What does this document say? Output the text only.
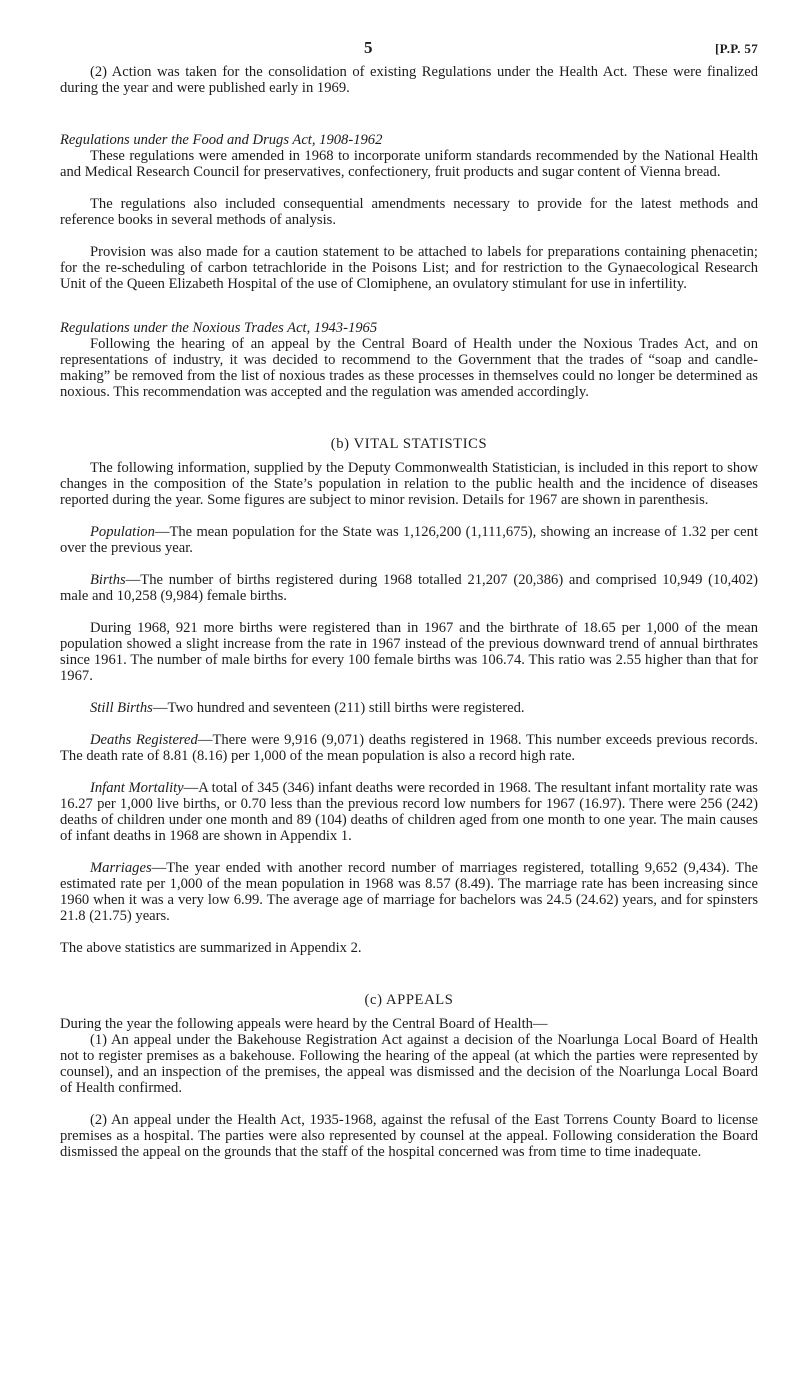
5	[P.P. 57

(2) Action was taken for the consolidation of existing Regulations under the Health Act. These were finalized during the year and were published early in 1969.

Regulations under the Food and Drugs Act, 1908-1962

These regulations were amended in 1968 to incorporate uniform standards recommended by the National Health and Medical Research Council for preservatives, confectionery, fruit products and sugar content of Vienna bread.

The regulations also included consequential amendments necessary to provide for the latest methods and reference books in several methods of analysis.

Provision was also made for a caution statement to be attached to labels for preparations containing phenacetin; for the re-scheduling of carbon tetrachloride in the Poisons List; and for restriction to the Gynaecological Research Unit of the Queen Elizabeth Hospital of the use of Clomiphene, an ovulatory stimulant for use in infertility.

Regulations under the Noxious Trades Act, 1943-1965

Following the hearing of an appeal by the Central Board of Health under the Noxious Trades Act, and on representations of industry, it was decided to recommend to the Government that the trades of “soap and candle-making” be removed from the list of noxious trades as these processes in themselves could no longer be determined as noxious. This recommendation was accepted and the regulation was amended accordingly.

(b) VITAL STATISTICS

The following information, supplied by the Deputy Commonwealth Statistician, is included in this report to show changes in the composition of the State’s population in relation to the public health and the incidence of diseases reported during the year. Some figures are subject to minor revision. Details for 1967 are shown in parenthesis.

Population—The mean population for the State was 1,126,200 (1,111,675), showing an increase of 1.32 per cent over the previous year.

Births—The number of births registered during 1968 totalled 21,207 (20,386) and comprised 10,949 (10,402) male and 10,258 (9,984) female births.

During 1968, 921 more births were registered than in 1967 and the birthrate of 18.65 per 1,000 of the mean population showed a slight increase from the rate in 1967 instead of the previous downward trend of annual birthrates since 1961. The number of male births for every 100 female births was 106.74. This ratio was 2.55 higher than that for 1967.

Still Births—Two hundred and seventeen (211) still births were registered.

Deaths Registered—There were 9,916 (9,071) deaths registered in 1968. This number exceeds previous records. The death rate of 8.81 (8.16) per 1,000 of the mean population is also a record high rate.

Infant Mortality—A total of 345 (346) infant deaths were recorded in 1968. The resultant infant mortality rate was 16.27 per 1,000 live births, or 0.70 less than the previous record low numbers for 1967 (16.97). There were 256 (242) deaths of children under one month and 89 (104) deaths of children aged from one month to one year. The main causes of infant deaths in 1968 are shown in Appendix 1.

Marriages—The year ended with another record number of marriages registered, totalling 9,652 (9,434). The estimated rate per 1,000 of the mean population in 1968 was 8.57 (8.49). The marriage rate has been increasing since 1960 when it was a very low 6.99. The average age of marriage for bachelors was 24.5 (24.62) years, and for spinsters 21.8 (21.75) years.

The above statistics are summarized in Appendix 2.

(c) APPEALS

During the year the following appeals were heard by the Central Board of Health—

(1) An appeal under the Bakehouse Registration Act against a decision of the Noarlunga Local Board of Health not to register premises as a bakehouse. Following the hearing of the appeal (at which the parties were represented by counsel), and an inspection of the premises, the appeal was dismissed and the decision of the Noarlunga Local Board of Health confirmed.

(2) An appeal under the Health Act, 1935-1968, against the refusal of the East Torrens County Board to license premises as a hospital. The parties were also represented by counsel at the appeal. Following consideration the Board dismissed the appeal on the grounds that the staff of the hospital concerned was from time to time inadequate.
